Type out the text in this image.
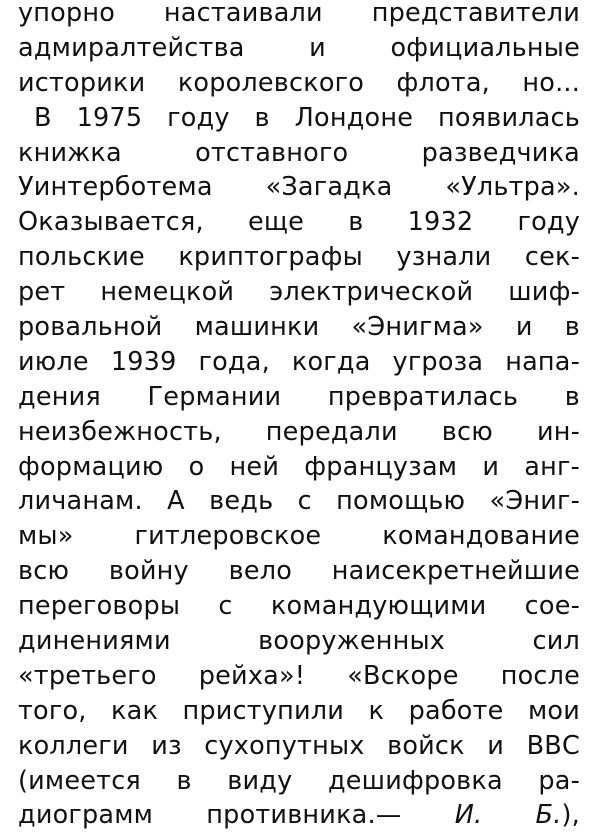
упорно настаивали представители
адмиралтейства и официальные
историки королевского флота, но...
В 1975 году в Лондоне появилась
книжка отставного разведчика
Уинтерботема «Загадка «Ультра».
Оказывается, еще в 1932 году
польские криптографы узнали сек-
рет немецкой электрической шиф-
ровальной машинки «Энигма» и в
июле 1939 года, когда угроза напа-
дения Германии превратилась в
неизбежность, передали всю ин-
формацию о ней французам и анг-
личанам. А ведь с помощью «Эниг-
мы» гитлеровское командование
всю войну вело наисекретнейшие
переговоры с командующими сое-
динениями вооруженных сил
«третьего рейха»! «Вскоре после
того, как приступили к работе мои
коллеги из сухопутных войск и ВВС
(имеется в виду дешифровка ра-
диограмм противника.— И. Б.),
